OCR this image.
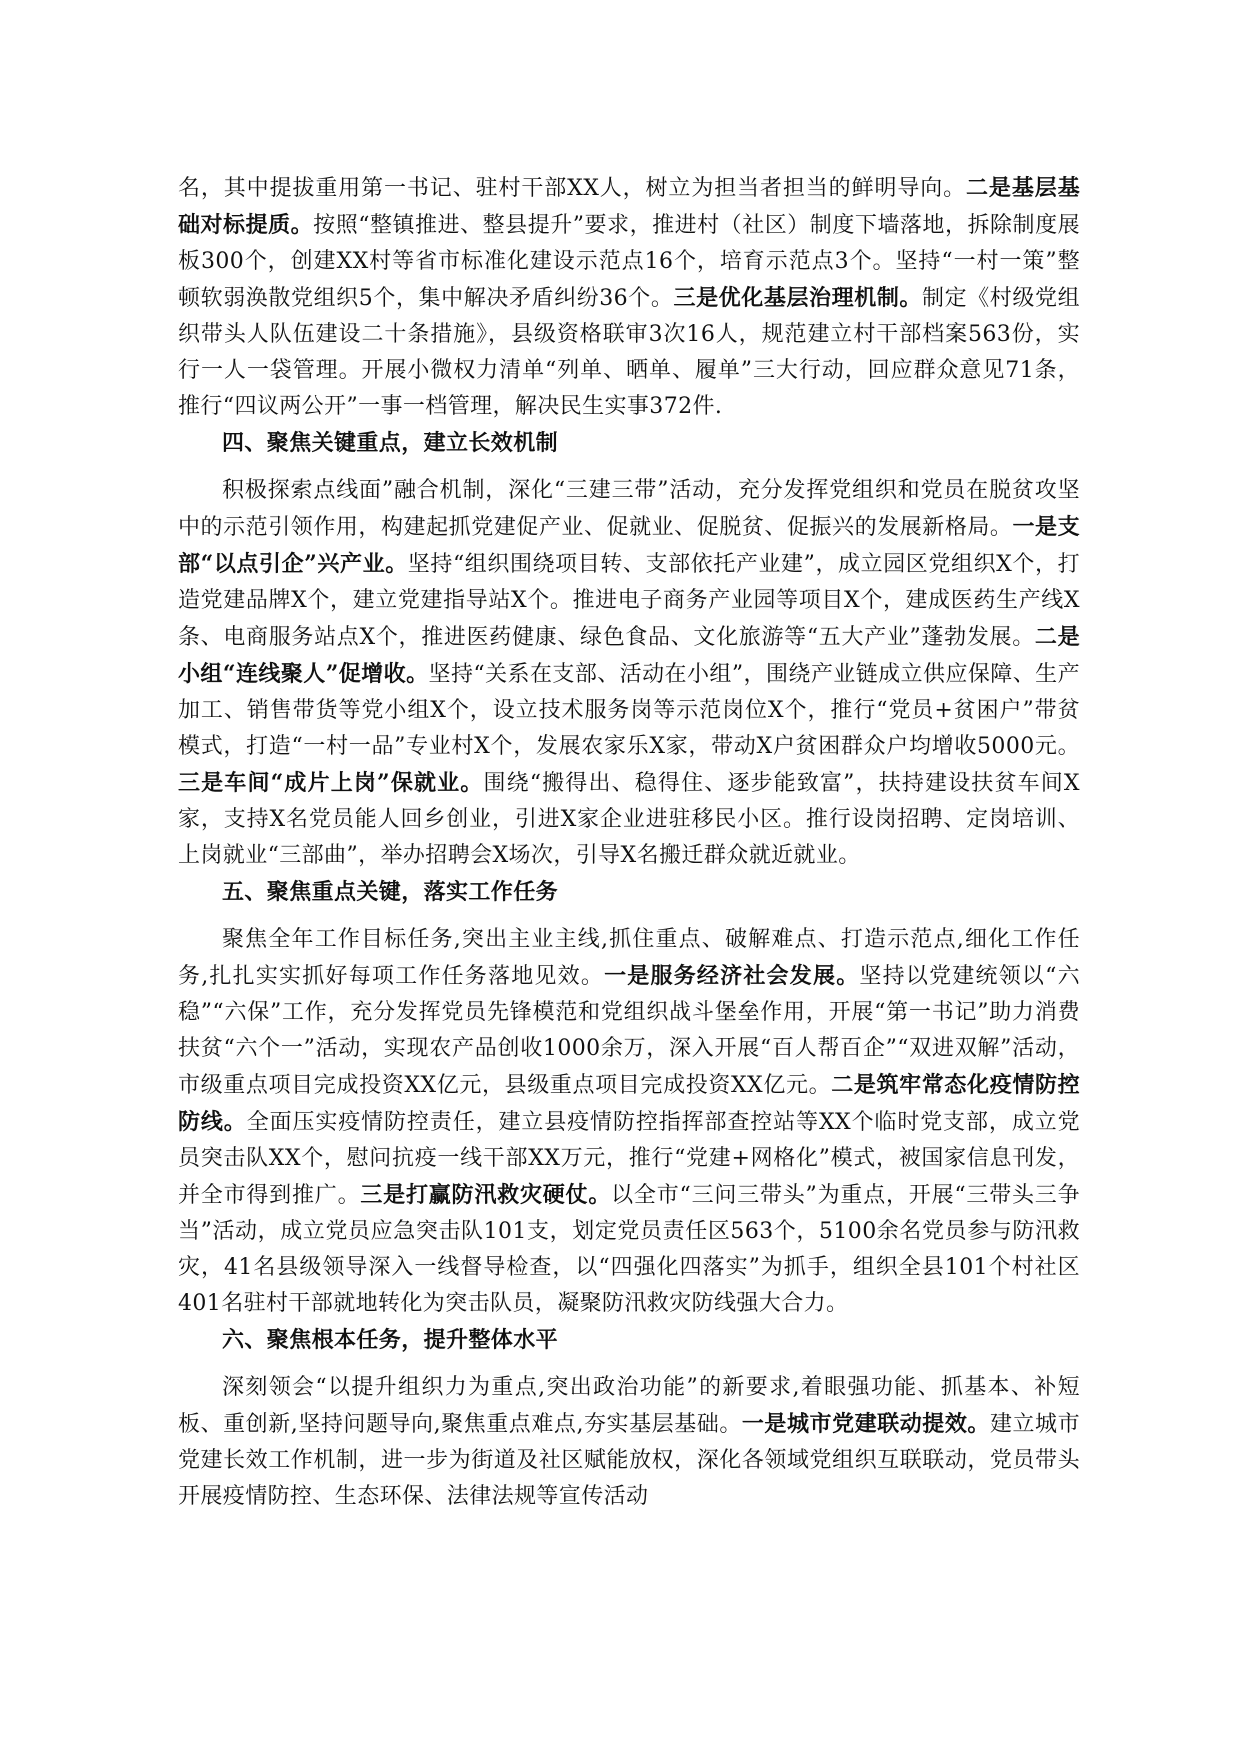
名，其中提拔重用第一书记、驻村干部XX人，树立为担当者担当的鲜明导向。二是基层基础对标提质。按照“整镇推进、整县提升”要求，推进村（社区）制度下墙落地，拆除制度展板300个，创建XX村等省市标准化建设示范点16个，培育示范点3个。坚持“一村一策”整顿软弱涣散党组织5个，集中解决矛盾纠纷36个。三是优化基层治理机制。制定《村级党组织带头人队伍建设二十条措施》，县级资格联审3次16人，规范建立村干部档案563份，实行一人一袋管理。开展小微权力清单“列单、晒单、履单”三大行动，回应群众意见71条，推行“四议两公开”一事一档管理，解决民生实事372件.

四、聚焦关键重点，建立长效机制

积极探索点线面”融合机制，深化“三建三带”活动，充分发挥党组织和党员在脱贫攻坚中的示范引领作用，构建起抓党建促产业、促就业、促脱贫、促振兴的发展新格局。一是支部“以点引企”兴产业。坚持“组织围绕项目转、支部依托产业建”，成立园区党组织X个，打造党建品牌X个，建立党建指导站X个。推进电子商务产业园等项目X个，建成医药生产线X条、电商服务站点X个，推进医药健康、绿色食品、文化旅游等“五大产业”蓬勃发展。二是小组“连线聚人”促增收。坚持“关系在支部、活动在小组”，围绕产业链成立供应保障、生产加工、销售带货等党小组X个，设立技术服务岗等示范岗位X个，推行“党员+贫困户”带贫模式，打造“一村一品”专业村X个，发展农家乐X家，带动X户贫困群众户均增收5000元。三是车间“成片上岗”保就业。围绕“搬得出、稳得住、逐步能致富”，扶持建设扶贫车间X家，支持X名党员能人回乡创业，引进X家企业进驻移民小区。推行设岗招聘、定岗培训、上岗就业“三部曲”，举办招聘会X场次，引导X名搬迁群众就近就业。

五、聚焦重点关键，落实工作任务

聚焦全年工作目标任务,突出主业主线,抓住重点、破解难点、打造示范点,细化工作任务,扎扎实实抓好每项工作任务落地见效。一是服务经济社会发展。坚持以党建统领以“六稳”“六保”工作，充分发挥党员先锋模范和党组织战斗堡垒作用，开展“第一书记”助力消费扶贫“六个一”活动，实现农产品创收1000余万，深入开展“百人帮百企”“双进双解”活动，市级重点项目完成投资XX亿元，县级重点项目完成投资XX亿元。二是筑牢常态化疫情防控防线。全面压实疫情防控责任，建立县疫情防控指挥部查控站等XX个临时党支部，成立党员突击队XX个，慰问抗疫一线干部XX万元，推行“党建+网格化”模式，被国家信息刊发，并全市得到推广。三是打赢防汛救灾硬仗。以全市“三问三带头”为重点，开展“三带头三争当”活动，成立党员应急突击队101支，划定党员责任区563个，5100余名党员参与防汛救灾，41名县级领导深入一线督导检查，以“四强化四落实”为抓手，组织全县101个村社区401名驻村干部就地转化为突击队员，凝聚防汛救灾防线强大合力。

六、聚焦根本任务，提升整体水平

深刻领会“以提升组织力为重点,突出政治功能”的新要求,着眼强功能、抓基本、补短板、重创新,坚持问题导向,聚焦重点难点,夯实基层基础。一是城市党建联动提效。建立城市党建长效工作机制，进一步为街道及社区赋能放权，深化各领域党组织互联联动，党员带头开展疫情防控、生态环保、法律法规等宣传活动
